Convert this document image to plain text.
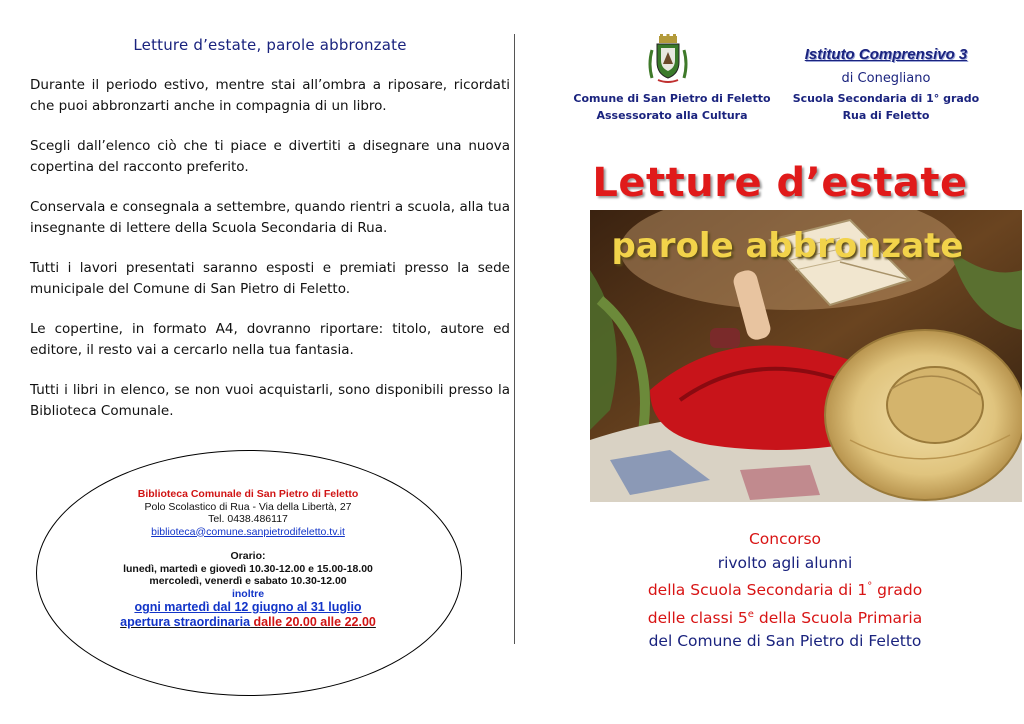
Letture d’estate, parole abbronzate

Durante il periodo estivo, mentre stai all’ombra a riposare, ricordati che puoi abbronzarti anche in compagnia di un libro.

Scegli dall’elenco ciò che ti piace e divertiti a disegnare una nuova copertina del racconto preferito.

Conservala e consegnala a settembre, quando rientri a scuola, alla tua insegnante di lettere della Scuola Secondaria di Rua.

Tutti i lavori presentati saranno esposti e premiati presso la sede municipale del Comune di San Pietro di Feletto.

Le copertine, in formato A4, dovranno riportare: titolo, autore ed editore, il resto vai a cercarlo nella tua fantasia.

Tutti i libri in elenco, se non vuoi acquistarli, sono disponibili presso la Biblioteca Comunale.

Biblioteca Comunale di San Pietro di Feletto
Polo Scolastico di Rua - Via della Libertà, 27
Tel. 0438.486117
biblioteca@comune.sanpietrodifeletto.tv.it
Orario:
lunedì, martedì e giovedì 10.30-12.00 e 15.00-18.00
mercoledì, venerdì e sabato 10.30-12.00
inoltre
ogni martedì dal 12 giugno al 31 luglio
apertura straordinaria dalle 20.00 alle 22.00
Comune di San Pietro di Feletto
Assessorato alla Cultura
Istituto Comprensivo 3
di Conegliano
Scuola Secondaria di 1° grado
Rua di Feletto
Letture d’estate
parole abbronzate
Concorso
rivolto agli alunni
della Scuola Secondaria di 1° grado
delle classi 5e della Scuola Primaria
del Comune di San Pietro di Feletto
